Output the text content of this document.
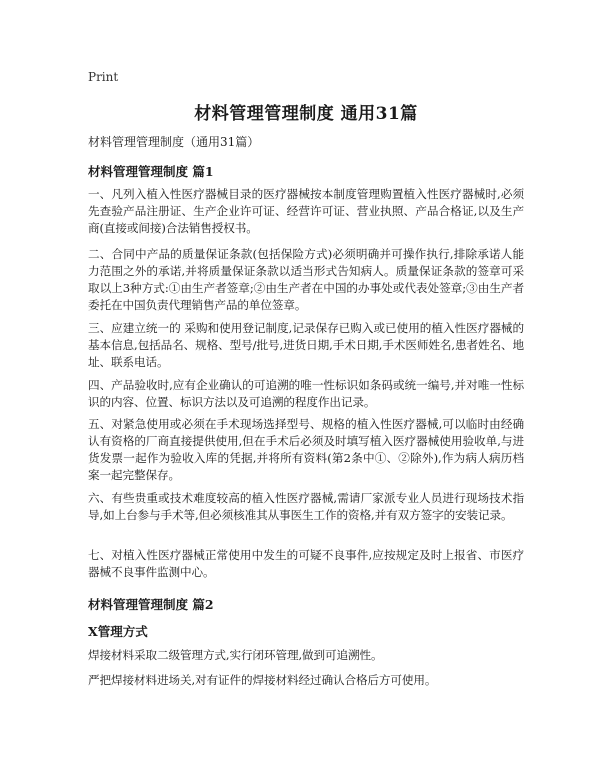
Print
材料管理管理制度 通用31篇
材料管理管理制度（通用31篇）
材料管理管理制度 篇1

一、凡列入植入性医疗器械目录的医疗器械按本制度管理购置植入性医疗器械时,必须先查验产品注册证、生产企业许可证、经营许可证、营业执照、产品合格证,以及生产商(直接或间接)合法销售授权书。

二、合同中产品的质量保证条款(包括保险方式)必须明确并可操作执行,排除承诺人能力范围之外的承诺,并将质量保证条款以适当形式告知病人。质量保证条款的签章可采取以上3种方式:①由生产者签章;②由生产者在中国的办事处或代表处签章;③由生产者委托在中国负责代理销售产品的单位签章。

三、应建立统一的 采购和使用登记制度,记录保存已购入或已使用的植入性医疗器械的基本信息,包括品名、规格、型号/批号,进货日期,手术日期,手术医师姓名,患者姓名、地址、联系电话。

四、产品验收时,应有企业确认的可追溯的唯一性标识如条码或统一编号,并对唯一性标识的内容、位置、标识方法以及可追溯的程度作出记录。

五、对紧急使用或必须在手术现场选择型号、规格的植入性医疗器械,可以临时由经确认有资格的厂商直接提供使用,但在手术后必须及时填写植入医疗器械使用验收单,与进货发票一起作为验收入库的凭据,并将所有资料(第2条中①、②除外),作为病人病历档案一起完整保存。

六、有些贵重或技术难度较高的植入性医疗器械,需请厂家派专业人员进行现场技术指导,如上台参与手术等,但必须核准其从事医生工作的资格,并有双方签字的安装记录。

七、对植入性医疗器械正常使用中发生的可疑不良事件,应按规定及时上报省、市医疗器械不良事件监测中心。

材料管理管理制度 篇2
X管理方式

焊接材料采取二级管理方式,实行闭环管理,做到可追溯性。

严把焊接材料进场关,对有证件的焊接材料经过确认合格后方可使用。
